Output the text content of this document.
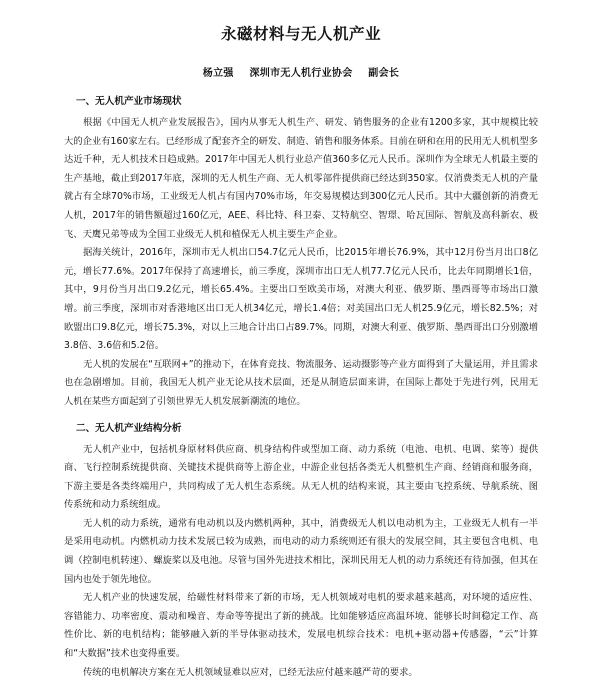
永磁材料与无人机产业
杨立强 深圳市无人机行业协会 副会长
一、无人机产业市场现状

根据《中国无人机产业发展报告》，国内从事无人机生产、研发、销售服务的企业有1200多家，其中规模比较大的企业有160家左右。已经形成了配套齐全的研发、制造、销售和服务体系。目前在研和在用的民用无人机机型多达近千种，无人机技术日趋成熟。2017年中国无人机行业总产值360多亿元人民币。深圳作为全球无人机最主要的生产基地，截止到2017年底，深圳的无人机生产商、无人机零部件提供商已经达到350家。仅消费类无人机的产量就占有全球70%市场，工业级无人机占有国内70%市场，年交易规模达到300亿元人民币。其中大疆创新的消费无人机，2017年的销售额超过160亿元，AEE、科比特、科卫泰、艾特航空、智璟、哈瓦国际、智航及高科新农、极飞、天鹰兄弟等成为全国工业级无人机和植保无人机主要生产企业。

据海关统计，2016年，深圳市无人机出口54.7亿元人民币，比2015年增长76.9%，其中12月份当月出口8亿元，增长77.6%。2017年保持了高速增长，前三季度，深圳市出口无人机77.7亿元人民币，比去年同期增长1倍，其中，9月份当月出口9.2亿元，增长65.4%。主要出口至欧美市场，对澳大利亚、俄罗斯、墨西哥等市场出口激增。前三季度，深圳市对香港地区出口无人机34亿元，增长1.4倍；对美国出口无人机25.9亿元，增长82.5%；对欧盟出口9.8亿元，增长75.3%，对以上三地合计出口占89.7%。同期，对澳大利亚、俄罗斯、墨西哥出口分别激增3.8倍、3.6倍和5.2倍。

无人机的发展在“互联网+”的推动下，在体育竞技、物流服务、运动摄影等产业方面得到了大量运用，并且需求也在急剧增加。目前，我国无人机产业无论从技术层面，还是从制造层面来讲，在国际上都处于先进行列，民用无人机在某些方面起到了引领世界无人机发展新潮流的地位。

二、无人机产业结构分析

无人机产业中，包括机身原材料供应商、机身结构件或型加工商、动力系统（电池、电机、电调、桨等）提供商、飞行控制系统提供商、关键技术提供商等上游企业，中游企业包括各类无人机整机生产商、经销商和服务商，下游主要是各类终端用户，共同构成了无人机生态系统。从无人机的结构来说，其主要由飞控系统、导航系统、图传系统和动力系统组成。

无人机的动力系统，通常有电动机以及内燃机两种，其中，消费级无人机以电动机为主，工业级无人机有一半是采用电动机。内燃机动力技术发展已较为成熟，而电动的动力系统则还有很大的发展空间，其主要包含电机、电调（控制电机转速）、螺旋桨以及电池。尽管与国外先进技术相比，深圳民用无人机的动力系统还有待加强，但其在国内也处于领先地位。

无人机产业的快速发展，给磁性材料带来了新的市场，无人机领域对电机的要求越来越高，对环境的适应性、容错能力、功率密度、震动和噪音、寿命等等提出了新的挑战。比如能够适应高温环境、能够长时间稳定工作、高性价比、新的电机结构；能够融入新的半导体驱动技术，发展电机综合技术：电机+驱动器+传感器，“云”计算和“大数据”技术也变得重要。

传统的电机解决方案在无人机领域显难以应对，已经无法应付越来越严苛的要求。
